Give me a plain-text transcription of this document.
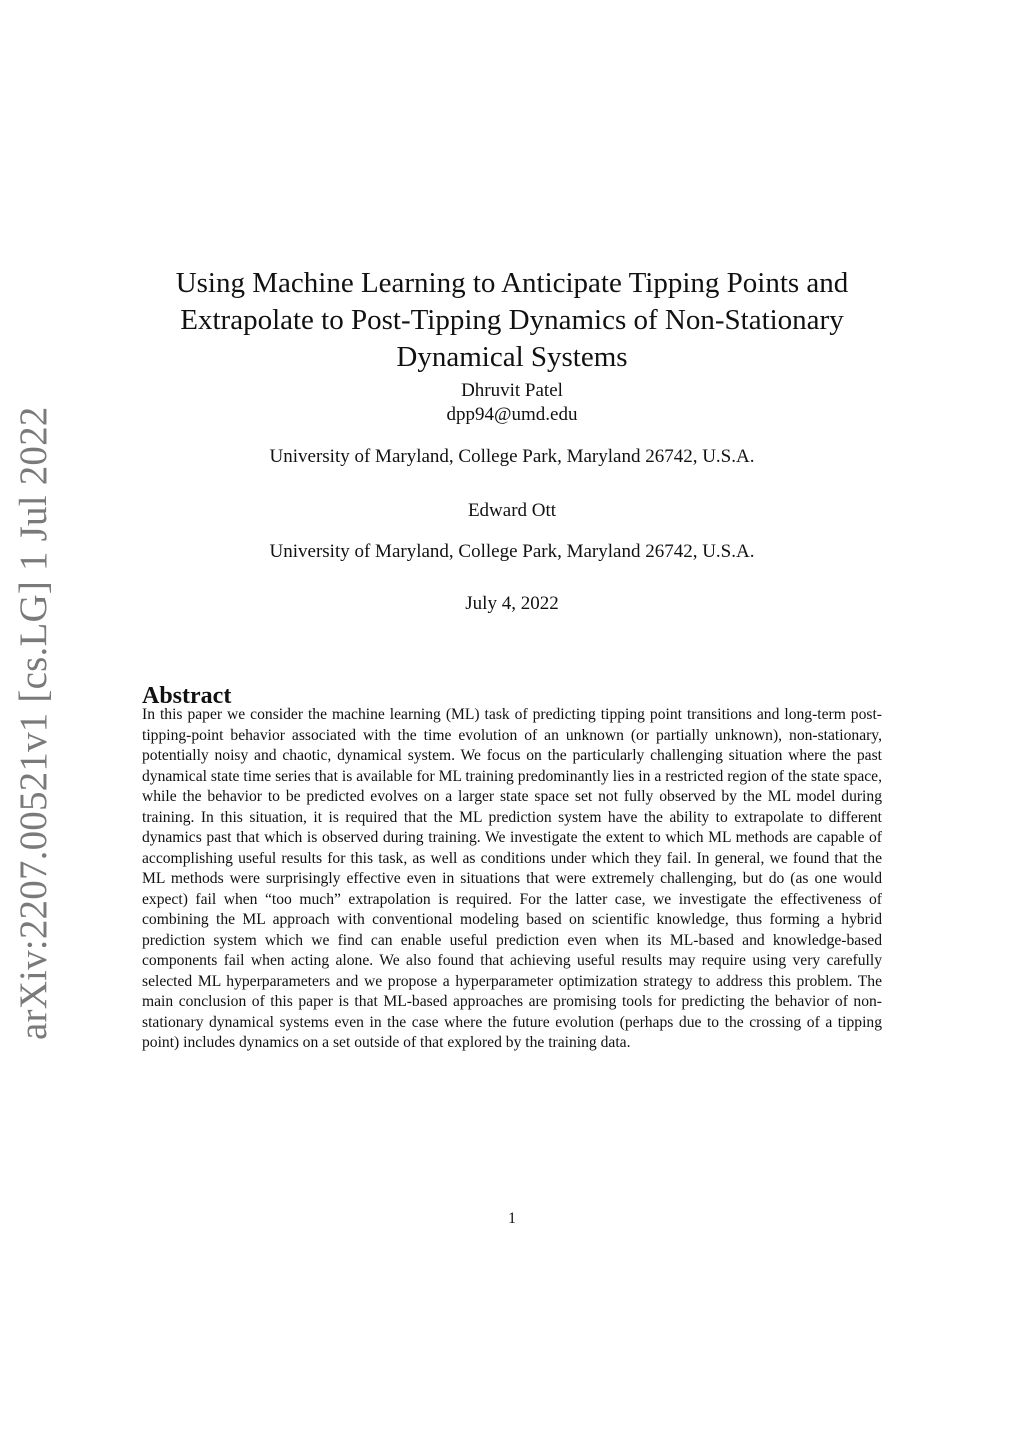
arXiv:2207.00521v1 [cs.LG] 1 Jul 2022
Using Machine Learning to Anticipate Tipping Points and Extrapolate to Post-Tipping Dynamics of Non-Stationary Dynamical Systems
Dhruvit Patel
dpp94@umd.edu
University of Maryland, College Park, Maryland 26742, U.S.A.
Edward Ott
University of Maryland, College Park, Maryland 26742, U.S.A.
July 4, 2022
Abstract

In this paper we consider the machine learning (ML) task of predicting tipping point transitions and long-term post-tipping-point behavior associated with the time evolution of an unknown (or partially unknown), non-stationary, potentially noisy and chaotic, dynamical system. We focus on the particularly challenging situation where the past dynamical state time series that is available for ML training predominantly lies in a restricted region of the state space, while the behavior to be predicted evolves on a larger state space set not fully observed by the ML model during training. In this situation, it is required that the ML prediction system have the ability to extrapolate to different dynamics past that which is observed during training. We investigate the extent to which ML methods are capable of accomplishing useful results for this task, as well as conditions under which they fail. In general, we found that the ML methods were surprisingly effective even in situations that were extremely challenging, but do (as one would expect) fail when “too much” extrapolation is required. For the latter case, we investigate the effectiveness of combining the ML approach with conventional modeling based on scientific knowledge, thus forming a hybrid prediction system which we find can enable useful prediction even when its ML-based and knowledge-based components fail when acting alone. We also found that achieving useful results may require using very carefully selected ML hyperparameters and we propose a hyperparameter optimization strategy to address this problem. The main conclusion of this paper is that ML-based approaches are promising tools for predicting the behavior of non-stationary dynamical systems even in the case where the future evolution (perhaps due to the crossing of a tipping point) includes dynamics on a set outside of that explored by the training data.

1
